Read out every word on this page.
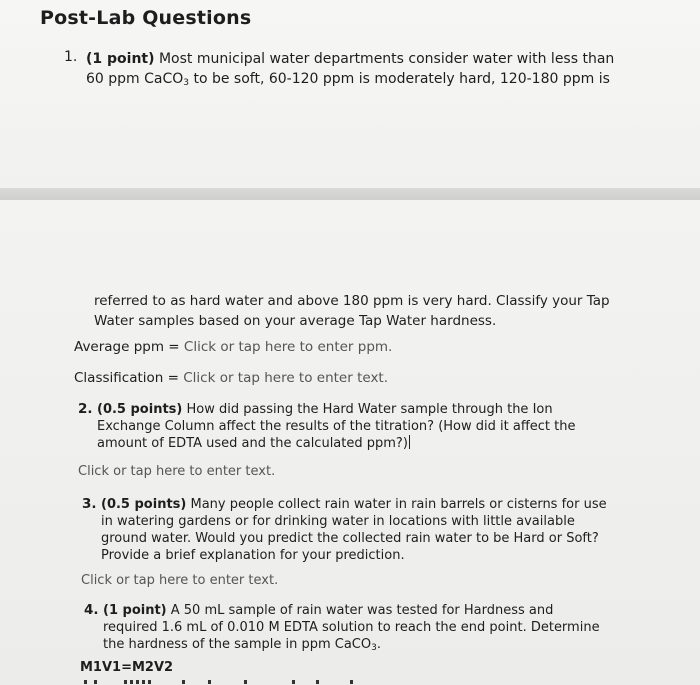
Post-Lab Questions
1. (1 point) Most municipal water departments consider water with less than
60 ppm CaCO$_3$ to be soft, 60-120 ppm is moderately hard, 120-180 ppm is
referred to as hard water and above 180 ppm is very hard. Classify your Tap
Water samples based on your average Tap Water hardness.
Average ppm = Click or tap here to enter ppm.
Classification = Click or tap here to enter text.
2. (0.5 points) How did passing the Hard Water sample through the Ion
Exchange Column affect the results of the titration? (How did it affect the
amount of EDTA used and the calculated ppm?)
Click or tap here to enter text.
3. (0.5 points) Many people collect rain water in rain barrels or cisterns for use
in watering gardens or for drinking water in locations with little available
ground water. Would you predict the collected rain water to be Hard or Soft?
Provide a brief explanation for your prediction.
Click or tap here to enter text.
4. (1 point) A 50 mL sample of rain water was tested for Hardness and
required 1.6 mL of 0.010 M EDTA solution to reach the end point. Determine
the hardness of the sample in ppm CaCO$_3$.
M1V1=M2V2
